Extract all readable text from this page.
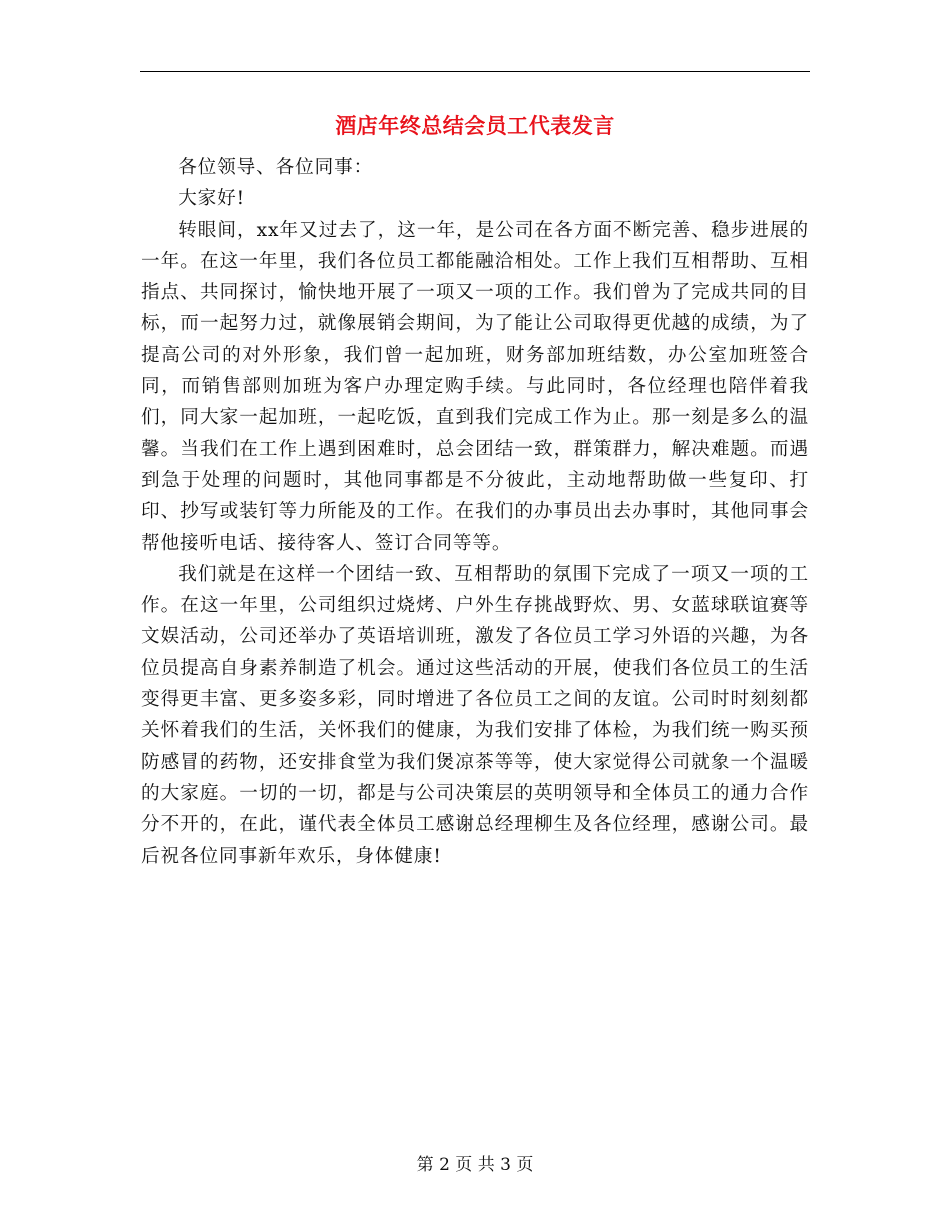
酒店年终总结会员工代表发言

各位领导、各位同事：

大家好!

转眼间，xx年又过去了，这一年，是公司在各方面不断完善、稳步进展的一年。在这一年里，我们各位员工都能融洽相处。工作上我们互相帮助、互相指点、共同探讨，愉快地开展了一项又一项的工作。我们曾为了完成共同的目标，而一起努力过，就像展销会期间，为了能让公司取得更优越的成绩，为了提高公司的对外形象，我们曾一起加班，财务部加班结数，办公室加班签合同，而销售部则加班为客户办理定购手续。与此同时，各位经理也陪伴着我们，同大家一起加班，一起吃饭，直到我们完成工作为止。那一刻是多么的温馨。当我们在工作上遇到困难时，总会团结一致，群策群力，解决难题。而遇到急于处理的问题时，其他同事都是不分彼此，主动地帮助做一些复印、打印、抄写或装钉等力所能及的工作。在我们的办事员出去办事时，其他同事会帮他接听电话、接待客人、签订合同等等。

我们就是在这样一个团结一致、互相帮助的氛围下完成了一项又一项的工作。在这一年里，公司组织过烧烤、户外生存挑战野炊、男、女蓝球联谊赛等文娱活动，公司还举办了英语培训班，激发了各位员工学习外语的兴趣，为各位员提高自身素养制造了机会。通过这些活动的开展，使我们各位员工的生活变得更丰富、更多姿多彩，同时增进了各位员工之间的友谊。公司时时刻刻都关怀着我们的生活，关怀我们的健康，为我们安排了体检，为我们统一购买预防感冒的药物，还安排食堂为我们煲凉茶等等，使大家觉得公司就象一个温暖的大家庭。一切的一切，都是与公司决策层的英明领导和全体员工的通力合作分不开的，在此，谨代表全体员工感谢总经理柳生及各位经理，感谢公司。最后祝各位同事新年欢乐，身体健康!

第 2 页 共 3 页
